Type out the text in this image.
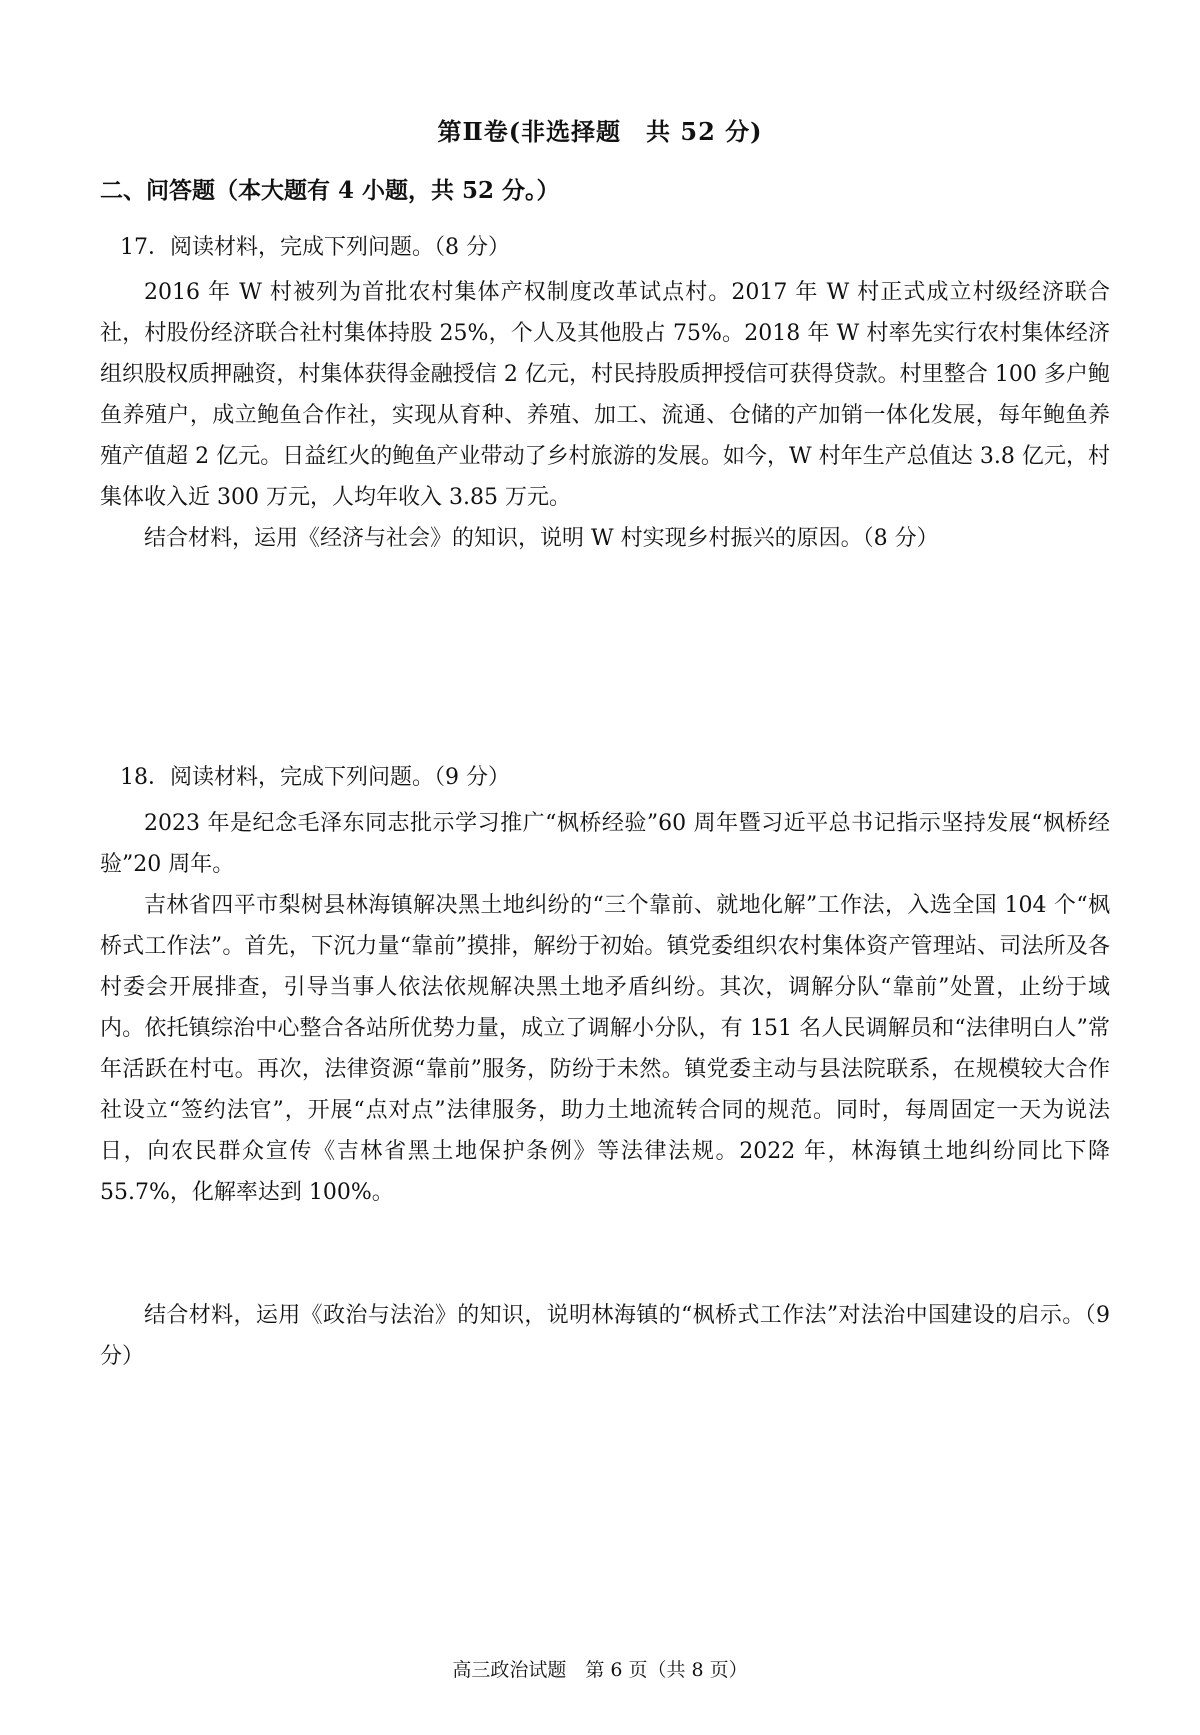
第Ⅱ卷(非选择题　共 52 分)
二、问答题（本大题有 4 小题，共 52 分。）
17．阅读材料，完成下列问题。（8 分）

2016 年 W 村被列为首批农村集体产权制度改革试点村。2017 年 W 村正式成立村级经济联合社，村股份经济联合社村集体持股 25%，个人及其他股占 75%。2018 年 W 村率先实行农村集体经济组织股权质押融资，村集体获得金融授信 2 亿元，村民持股质押授信可获得贷款。村里整合 100 多户鲍鱼养殖户，成立鲍鱼合作社，实现从育种、养殖、加工、流通、仓储的产加销一体化发展，每年鲍鱼养殖产值超 2 亿元。日益红火的鲍鱼产业带动了乡村旅游的发展。如今，W 村年生产总值达 3.8 亿元，村集体收入近 300 万元，人均年收入 3.85 万元。

结合材料，运用《经济与社会》的知识，说明 W 村实现乡村振兴的原因。（8 分）

18．阅读材料，完成下列问题。（9 分）

2023 年是纪念毛泽东同志批示学习推广“枫桥经验”60 周年暨习近平总书记指示坚持发展“枫桥经验”20 周年。

吉林省四平市梨树县林海镇解决黑土地纠纷的“三个靠前、就地化解”工作法，入选全国 104 个“枫桥式工作法”。首先，下沉力量“靠前”摸排，解纷于初始。镇党委组织农村集体资产管理站、司法所及各村委会开展排查，引导当事人依法依规解决黑土地矛盾纠纷。其次，调解分队“靠前”处置，止纷于域内。依托镇综治中心整合各站所优势力量，成立了调解小分队，有 151 名人民调解员和“法律明白人”常年活跃在村屯。再次，法律资源“靠前”服务，防纷于未然。镇党委主动与县法院联系，在规模较大合作社设立“签约法官”，开展“点对点”法律服务，助力土地流转合同的规范。同时，每周固定一天为说法日，向农民群众宣传《吉林省黑土地保护条例》等法律法规。2022 年，林海镇土地纠纷同比下降 55.7%，化解率达到 100%。

结合材料，运用《政治与法治》的知识，说明林海镇的“枫桥式工作法”对法治中国建设的启示。（9 分）

高三政治试题　第 6 页（共 8 页）
